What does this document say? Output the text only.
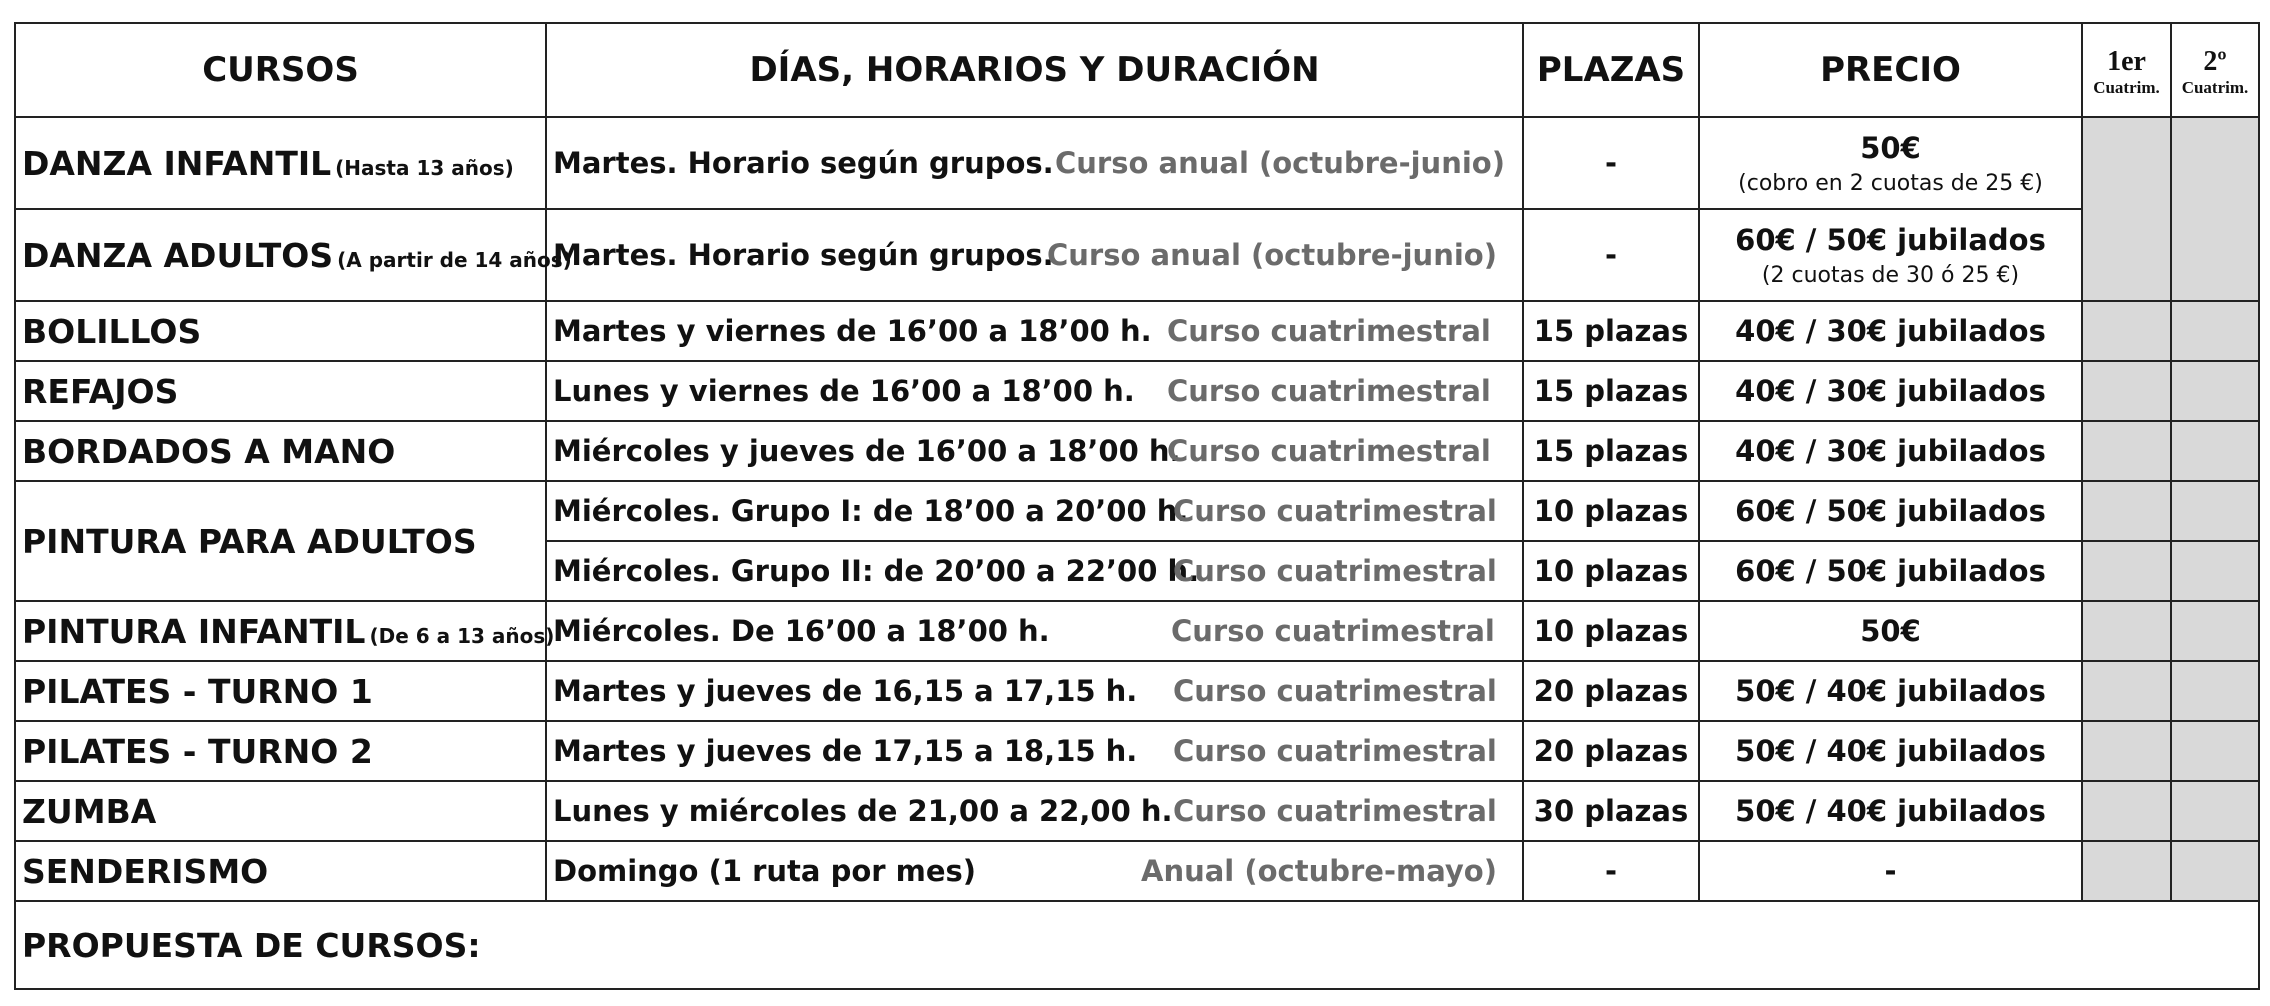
CURSOS	DÍAS, HORARIOS Y DURACIÓN	PLAZAS	PRECIO	1er
Cuatrim.	2º
Cuatrim.

DANZA INFANTIL (Hasta 13 años)	Martes. Horario según grupos. Curso anual (octubre-junio)	-	50€
(cobro en 2 cuotas de 25 €)		

DANZA ADULTOS (A partir de 14 años)	Martes. Horario según grupos.
Curso anual (octubre-junio)	-	60€ / 50€ jubilados
(2 cuotas de 30 ó 25 €)		

BOLILLOS	Martes y viernes de 16’00 a 18’00 h. Curso cuatrimestral	15 plazas	40€ / 30€ jubilados		
REFAJOS	Lunes y viernes de 16’00 a 18’00 h. Curso cuatrimestral	15 plazas	40€ / 30€ jubilados		
BORDADOS A MANO	Miércoles y jueves de 16’00 a 18’00 h.
Curso cuatrimestral	15 plazas	40€ / 30€ jubilados		
PINTURA PARA ADULTOS	Miércoles. Grupo I: de 18’00 a 20’00 h.
Curso cuatrimestral	10 plazas	60€ / 50€ jubilados		
	Miércoles. Grupo II: de 20’00 a 22’00 h.
Curso cuatrimestral	10 plazas	60€ / 50€ jubilados		
PINTURA INFANTIL (De 6 a 13 años)	Miércoles. De 16’00 a 18’00 h. Curso cuatrimestral	10 plazas	50€		
PILATES - TURNO 1	Martes y jueves de 16,15 a 17,15 h. Curso cuatrimestral	20 plazas	50€ / 40€ jubilados		
PILATES - TURNO 2	Martes y jueves de 17,15 a 18,15 h. Curso cuatrimestral	20 plazas	50€ / 40€ jubilados		
ZUMBA	Lunes y miércoles de 21,00 a 22,00 h. Curso cuatrimestral	30 plazas	50€ / 40€ jubilados		
SENDERISMO	Domingo (1 ruta por mes) Anual (octubre-mayo)	-	-		
PROPUESTA DE CURSOS:					
